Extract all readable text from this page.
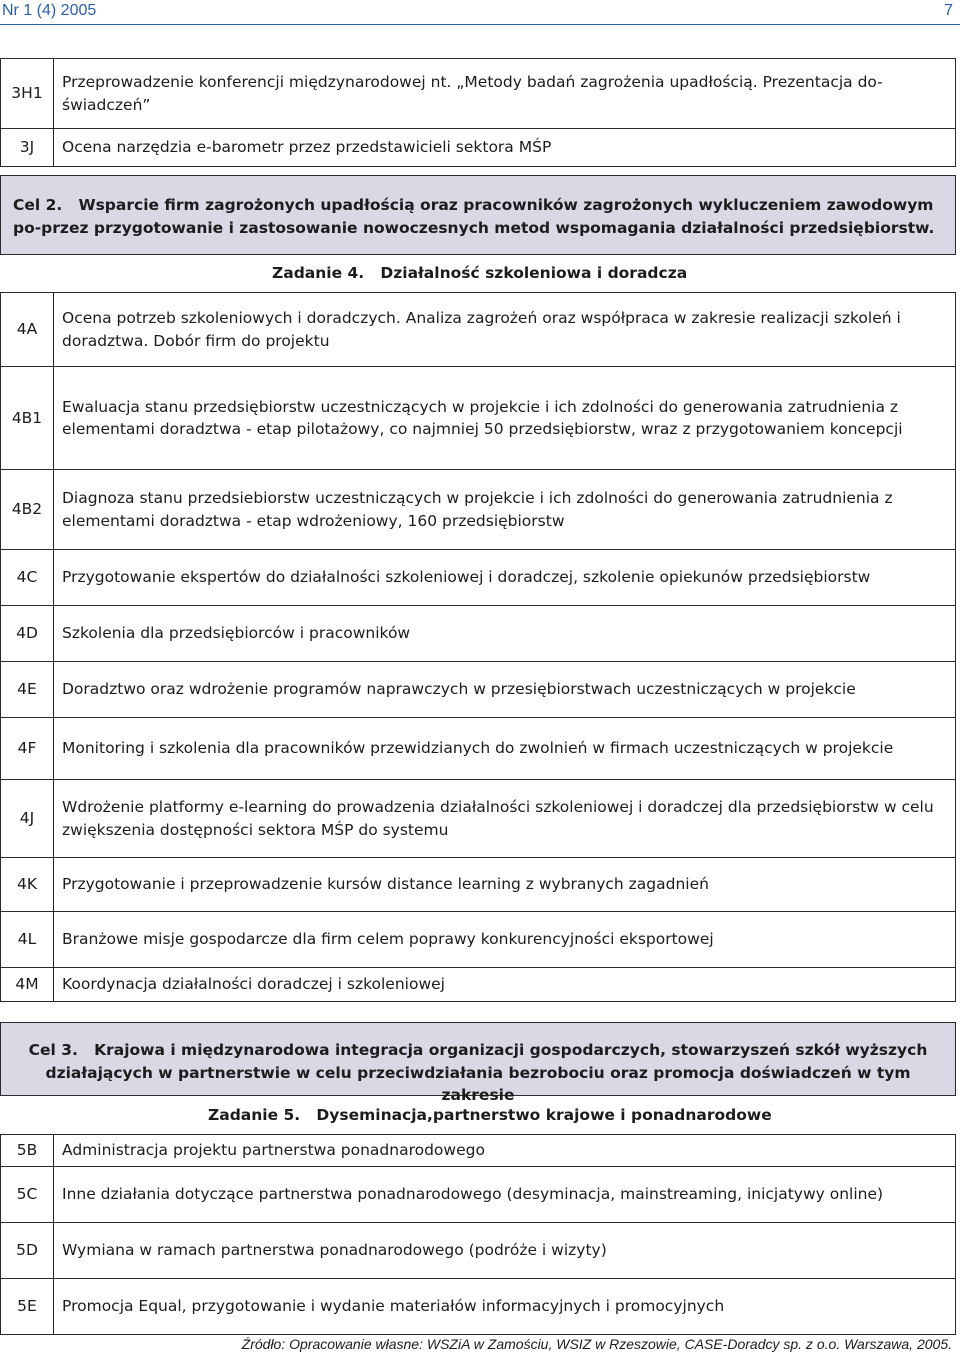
Nr 1 (4) 2005	7
3H1	Przeprowadzenie konferencji międzynarodowej nt. „Metody badań zagrożenia upadłością. Prezentacja do-świadczeń”
3J	Ocena narzędzia e-barometr przez przedstawicieli sektora MŚP
Cel 2. Wsparcie firm zagrożonych upadłością oraz pracowników zagrożonych wykluczeniem zawodowym po-przez przygotowanie i zastosowanie nowoczesnych metod wspomagania działalności przedsiębiorstw.
Zadanie 4. Działalność szkoleniowa i doradcza
4A	Ocena potrzeb szkoleniowych i doradczych. Analiza zagrożeń oraz współpraca w zakresie realizacji szkoleń i doradztwa. Dobór firm do projektu
4B1	Ewaluacja stanu przedsiębiorstw uczestniczących w projekcie i ich zdolności do generowania zatrudnienia z elementami doradztwa - etap pilotażowy, co najmniej 50 przedsiębiorstw, wraz z przygotowaniem koncepcji
4B2	Diagnoza stanu przedsiebiorstw uczestniczących w projekcie i ich zdolności do generowania zatrudnienia z elementami doradztwa - etap wdrożeniowy, 160 przedsiębiorstw
4C	Przygotowanie ekspertów do działalności szkoleniowej i doradczej, szkolenie opiekunów przedsiębiorstw
4D	Szkolenia dla przedsiębiorców i pracowników
4E	Doradztwo oraz wdrożenie programów naprawczych w przesiębiorstwach uczestniczących w projekcie
4F	Monitoring i szkolenia dla pracowników przewidzianych do zwolnień w firmach uczestniczących w projekcie
4J	Wdrożenie platformy e-learning do prowadzenia działalności szkoleniowej i doradczej dla przedsiębiorstw w celu zwiększenia dostępności sektora MŚP do systemu
4K	Przygotowanie i przeprowadzenie kursów distance learning z wybranych zagadnień
4L	Branżowe misje gospodarcze dla firm celem poprawy konkurencyjności eksportowej
4M	Koordynacja działalności doradczej i szkoleniowej
Cel 3. Krajowa i międzynarodowa integracja organizacji gospodarczych, stowarzyszeń szkół wyższych działających w partnerstwie w celu przeciwdziałania bezrobociu oraz promocja doświadczeń w tym zakresie
Zadanie 5. Dyseminacja,partnerstwo krajowe i ponadnarodowe
5B	Administracja projektu partnerstwa ponadnarodowego
5C	Inne działania dotyczące partnerstwa ponadnarodowego (desyminacja, mainstreaming, inicjatywy online)
5D	Wymiana w ramach partnerstwa ponadnarodowego (podróże i wizyty)
5E	Promocja Equal, przygotowanie i wydanie materiałów informacyjnych i promocyjnych
Źródło: Opracowanie własne: WSZiA w Zamościu, WSIZ w Rzeszowie, CASE-Doradcy sp. z o.o. Warszawa, 2005.
